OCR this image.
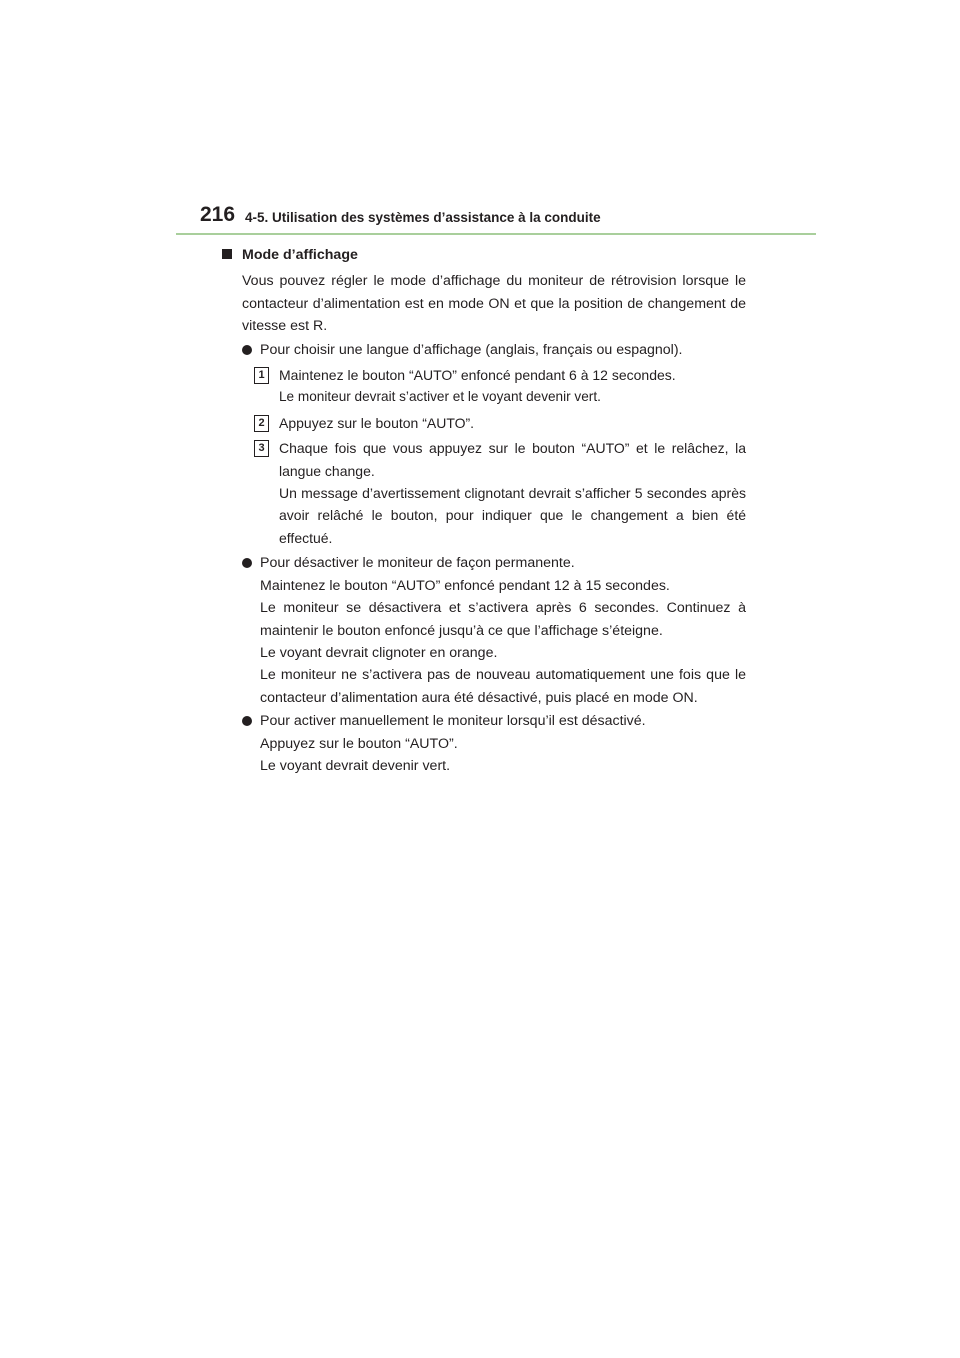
216 4-5. Utilisation des systèmes d’assistance à la conduite
Mode d’affichage

Vous pouvez régler le mode d’affichage du moniteur de rétrovision lorsque le contacteur d’alimentation est en mode ON et que la position de changement de vitesse est R.

Pour choisir une langue d’affichage (anglais, français ou espagnol).

1	Maintenez le bouton “AUTO” enfoncé pendant 6 à 12 secondes.

Le moniteur devrait s’activer et le voyant devenir vert.

2	Appuyez sur le bouton “AUTO”.

3	Chaque fois que vous appuyez sur le bouton “AUTO” et le relâchez, la langue change.

Un message d’avertissement clignotant devrait s’afficher 5 secondes après avoir relâché le bouton, pour indiquer que le changement a bien été effectué.

Pour désactiver le moniteur de façon permanente.

Maintenez le bouton “AUTO” enfoncé pendant 12 à 15 secondes.

Le moniteur se désactivera et s’activera après 6 secondes. Continuez à maintenir le bouton enfoncé jusqu’à ce que l’affichage s’éteigne.

Le voyant devrait clignoter en orange.

Le moniteur ne s’activera pas de nouveau automatiquement une fois que le contacteur d’alimentation aura été désactivé, puis placé en mode ON.

Pour activer manuellement le moniteur lorsqu’il est désactivé.

Appuyez sur le bouton “AUTO”.

Le voyant devrait devenir vert.
